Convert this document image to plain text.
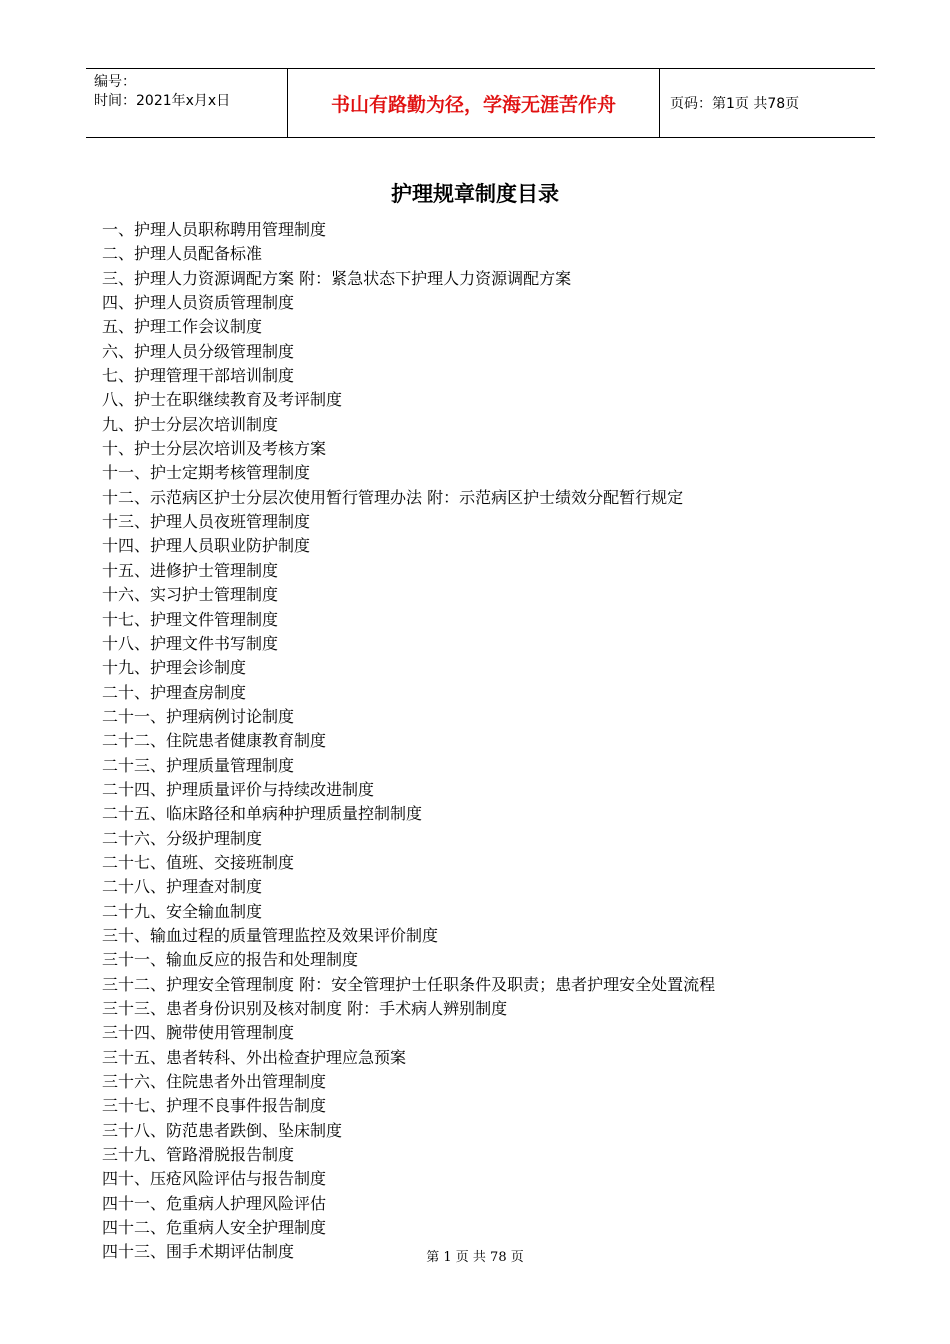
编号：
时间：2021年x月x日	书山有路勤为径，学海无涯苦作舟	页码：第1页 共78页
护理规章制度目录
一、护理人员职称聘用管理制度
二、护理人员配备标准
三、护理人力资源调配方案 附：紧急状态下护理人力资源调配方案
四、护理人员资质管理制度
五、护理工作会议制度
六、护理人员分级管理制度
七、护理管理干部培训制度
八、护士在职继续教育及考评制度
九、护士分层次培训制度
十、护士分层次培训及考核方案
十一、护士定期考核管理制度
十二、示范病区护士分层次使用暂行管理办法 附：示范病区护士绩效分配暂行规定
十三、护理人员夜班管理制度
十四、护理人员职业防护制度
十五、进修护士管理制度
十六、实习护士管理制度
十七、护理文件管理制度
十八、护理文件书写制度
十九、护理会诊制度
二十、护理查房制度
二十一、护理病例讨论制度
二十二、住院患者健康教育制度
二十三、护理质量管理制度
二十四、护理质量评价与持续改进制度
二十五、临床路径和单病种护理质量控制制度
二十六、分级护理制度
二十七、值班、交接班制度
二十八、护理查对制度
二十九、安全输血制度
三十、输血过程的质量管理监控及效果评价制度
三十一、输血反应的报告和处理制度
三十二、护理安全管理制度 附：安全管理护士任职条件及职责；患者护理安全处置流程
三十三、患者身份识别及核对制度 附：手术病人辨别制度
三十四、腕带使用管理制度
三十五、患者转科、外出检查护理应急预案
三十六、住院患者外出管理制度
三十七、护理不良事件报告制度
三十八、防范患者跌倒、坠床制度
三十九、管路滑脱报告制度
四十、压疮风险评估与报告制度
四十一、危重病人护理风险评估
四十二、危重病人安全护理制度
四十三、围手术期评估制度	第 1 页 共 78 页
